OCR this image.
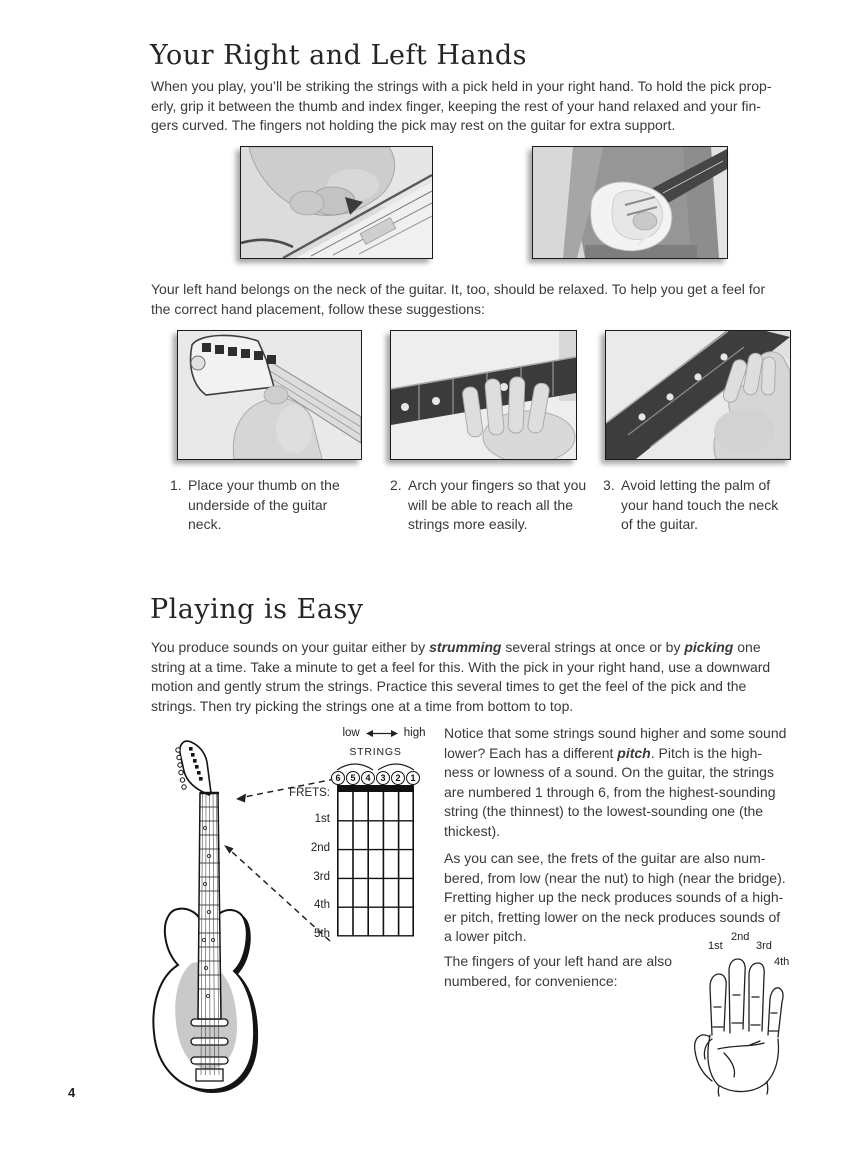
Your Right and Left Hands
When you play, you’ll be striking the strings with a pick held in your right hand. To hold the pick prop-
erly, grip it between the thumb and index finger, keeping the rest of your hand relaxed and your fin-
gers curved. The fingers not holding the pick may rest on the guitar for extra support.
Your left hand belongs on the neck of the guitar. It, too, should be relaxed. To help you get a feel for
the correct hand placement, follow these suggestions:
1. Place your thumb on the underside of the guitar neck.
2. Arch your fingers so that you will be able to reach all the strings more easily.
3. Avoid letting the palm of your hand touch the neck of the guitar.
Playing is Easy
You produce sounds on your guitar either by strumming several strings at once or by picking one
string at a time. Take a minute to get a feel for this. With the pick in your right hand, use a downward
motion and gently strum the strings. Practice this several times to get the feel of the pick and the
strings. Then try picking the strings one at a time from bottom to top.
low	high
STRINGS
6	5	4	3	2	1
FRETS:
1st
2nd
3rd
4th
5th
Notice that some strings sound higher and some sound
lower? Each has a different pitch. Pitch is the high-
ness or lowness of a sound. On the guitar, the strings
are numbered 1 through 6, from the highest-sounding
string (the thinnest) to the lowest-sounding one (the
thickest).
As you can see, the frets of the guitar are also num-
bered, from low (near the nut) to high (near the bridge).
Fretting higher up the neck produces sounds of a high-
er pitch, fretting lower on the neck produces sounds of
a lower pitch.
The fingers of your left hand are also
numbered, for convenience:
1st
2nd
3rd
4th
4
